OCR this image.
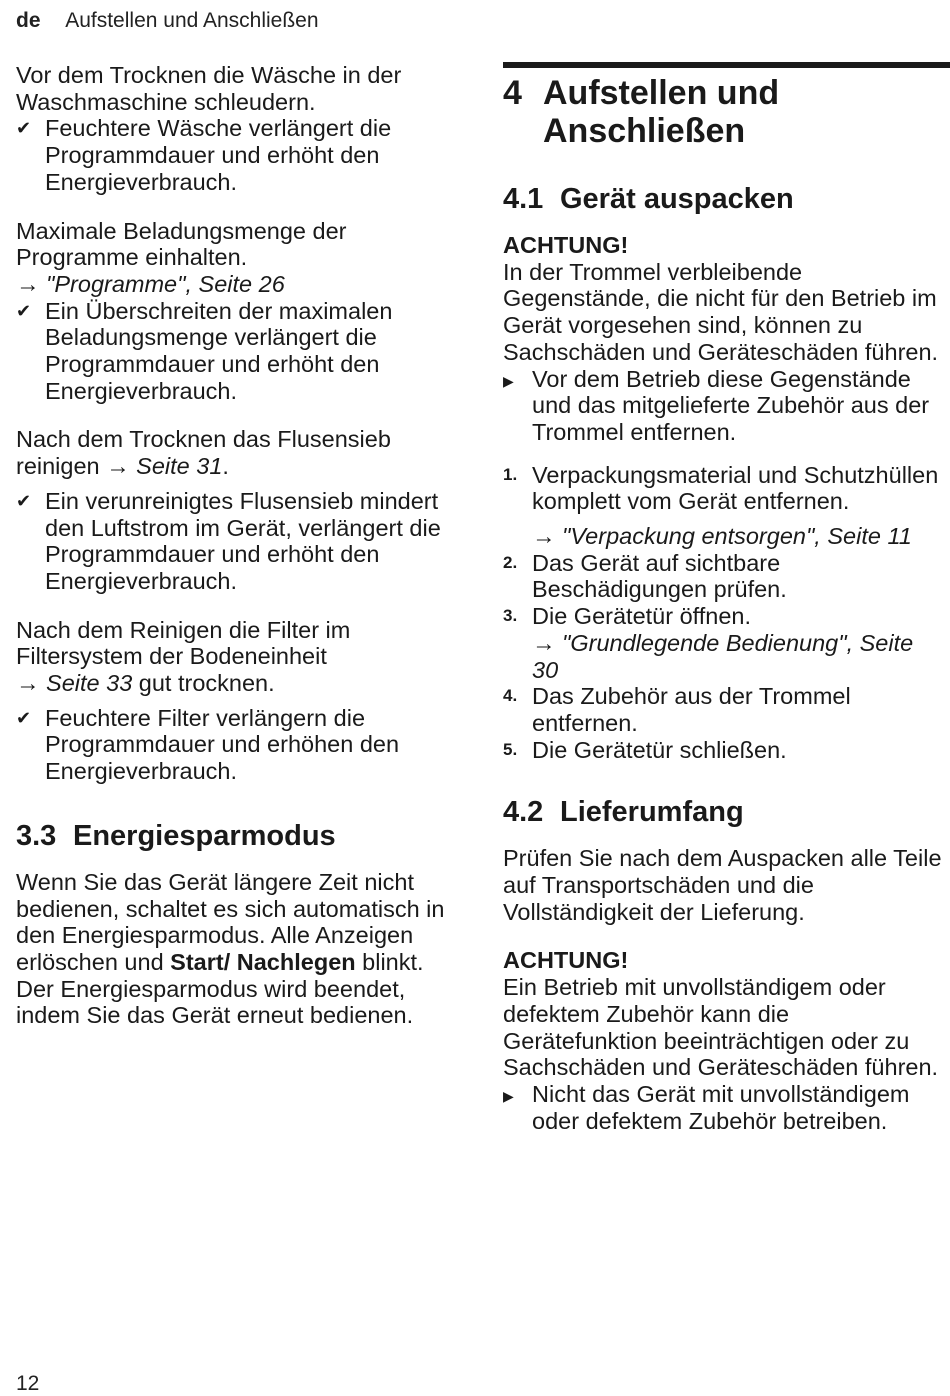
de Aufstellen und Anschließen

Vor dem Trocknen die Wäsche in der Waschmaschine schleudern.

✔ Feuchtere Wäsche verlängert die Programmdauer und erhöht den Energieverbrauch.

Maximale Beladungsmenge der Programme einhalten.

→ "Programme", Seite 26

✔ Ein Überschreiten der maximalen Beladungsmenge verlängert die Programmdauer und erhöht den Energieverbrauch.

Nach dem Trocknen das Flusensieb reinigen → Seite 31.

✔ Ein verunreinigtes Flusensieb mindert den Luftstrom im Gerät, verlängert die Programmdauer und erhöht den Energieverbrauch.

Nach dem Reinigen die Filter im Filtersystem der Bodeneinheit

→ Seite 33 gut trocknen.

✔ Feuchtere Filter verlängern die Programmdauer und erhöhen den Energieverbrauch.
3.3 Energiesparmodus

Wenn Sie das Gerät längere Zeit nicht bedienen, schaltet es sich automatisch in den Energiesparmodus. Alle Anzeigen erlöschen und Start/ Nachlegen blinkt.

Der Energiesparmodus wird beendet, indem Sie das Gerät erneut bedienen.

4 Aufstellen und Anschließen
4.1 Gerät auspacken

ACHTUNG!

In der Trommel verbleibende Gegenstände, die nicht für den Betrieb im Gerät vorgesehen sind, können zu Sachschäden und Geräteschäden führen.

▶ Vor dem Betrieb diese Gegenstände und das mitgelieferte Zubehör aus der Trommel entfernen.
1. Verpackungsmaterial und Schutzhüllen komplett vom Gerät entfernen.

→ "Verpackung entsorgen", Seite 11

2. Das Gerät auf sichtbare Beschädigungen prüfen.
3. Die Gerätetür öffnen.

→ "Grundlegende Bedienung", Seite 30

4. Das Zubehör aus der Trommel entfernen.
5. Die Gerätetür schließen.
4.2 Lieferumfang

Prüfen Sie nach dem Auspacken alle Teile auf Transportschäden und die Vollständigkeit der Lieferung.

ACHTUNG!

Ein Betrieb mit unvollständigem oder defektem Zubehör kann die Gerätefunktion beeinträchtigen oder zu Sachschäden und Geräteschäden führen.

▶ Nicht das Gerät mit unvollständigem oder defektem Zubehör betreiben.
12
